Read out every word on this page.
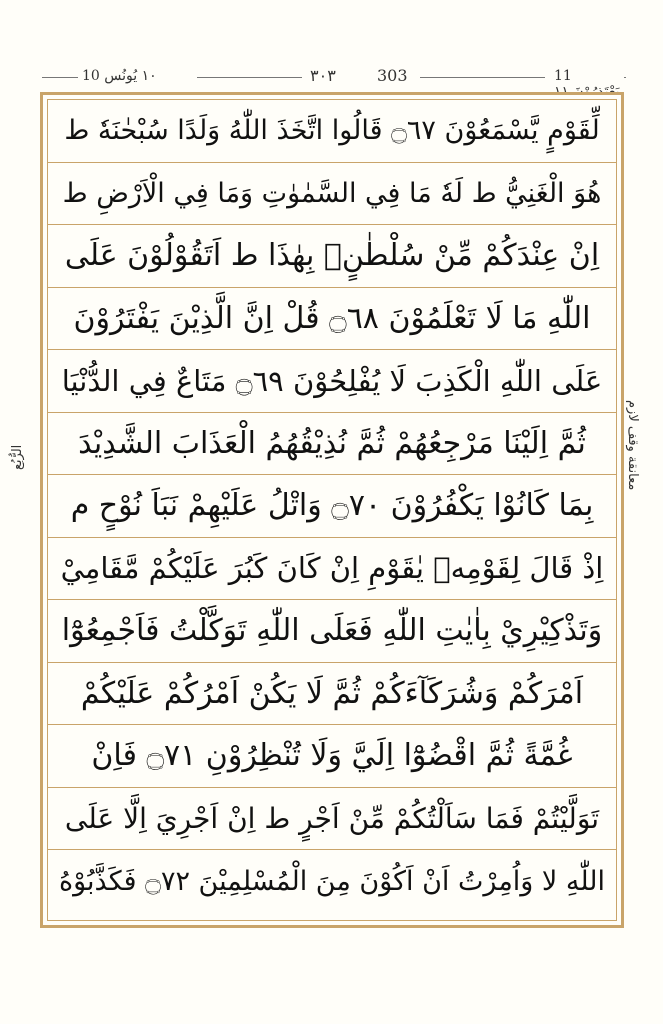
١٠ یُونُس 10	٣٠٣	303	11
الرُّبُع	معانقة وقف لازم
لِّقَوْمٍ يَّسْمَعُوْنَ ۝٦٧ قَالُوا اتَّخَذَ اللّٰهُ وَلَدًا سُبْحٰنَهٗ ط
هُوَ الْغَنِيُّ ط لَهٗ مَا فِي السَّمٰوٰتِ وَمَا فِي الْاَرْضِ ط
اِنْ عِنْدَكُمْ مِّنْ سُلْطٰنٍۢ بِهٰذَا ط اَتَقُوْلُوْنَ عَلَى
اللّٰهِ مَا لَا تَعْلَمُوْنَ ۝٦٨ قُلْ اِنَّ الَّذِيْنَ يَفْتَرُوْنَ
عَلَى اللّٰهِ الْكَذِبَ لَا يُفْلِحُوْنَ ۝٦٩ مَتَاعٌ فِي الدُّنْيَا
ثُمَّ اِلَيْنَا مَرْجِعُهُمْ ثُمَّ نُذِيْقُهُمُ الْعَذَابَ الشَّدِيْدَ
بِمَا كَانُوْا يَكْفُرُوْنَ ۝٧٠ وَاتْلُ عَلَيْهِمْ نَبَاَ نُوْحٍ م
اِذْ قَالَ لِقَوْمِهٖ يٰقَوْمِ اِنْ كَانَ كَبُرَ عَلَيْكُمْ مَّقَامِيْ
وَتَذْكِيْرِيْ بِاٰيٰتِ اللّٰهِ فَعَلَى اللّٰهِ تَوَكَّلْتُ فَاَجْمِعُوْٓا
اَمْرَكُمْ وَشُرَكَآءَكُمْ ثُمَّ لَا يَكُنْ اَمْرُكُمْ عَلَيْكُمْ
غُمَّةً ثُمَّ اقْضُوْٓا اِلَيَّ وَلَا تُنْظِرُوْنِ ۝٧١ فَاِنْ
تَوَلَّيْتُمْ فَمَا سَاَلْتُكُمْ مِّنْ اَجْرٍ ط اِنْ اَجْرِيَ اِلَّا عَلَى
اللّٰهِ لا وَاُمِرْتُ اَنْ اَكُوْنَ مِنَ الْمُسْلِمِيْنَ ۝٧٢ فَكَذَّبُوْهُ
